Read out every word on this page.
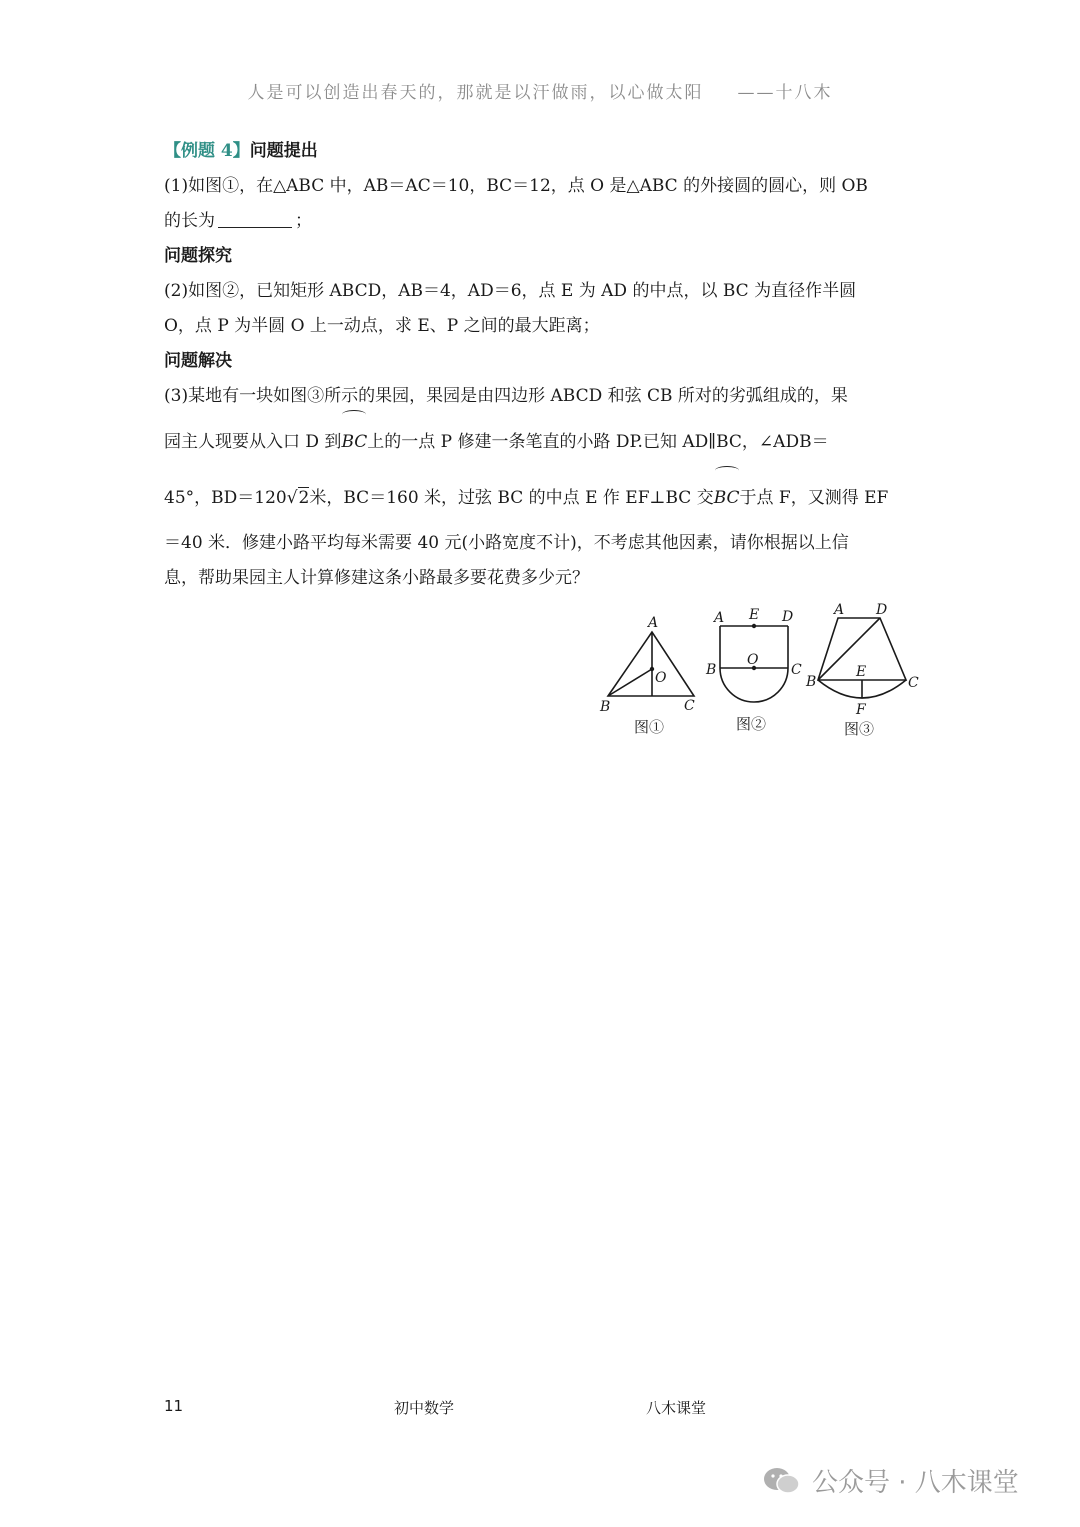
人是可以创造出春天的，那就是以汗做雨，以心做太阳 ——十八木
【例题 4】问题提出
(1)如图①，在△ABC 中，AB＝AC＝10，BC＝12，点 O 是△ABC 的外接圆的圆心，则 OB
的长为	；
问题探究
(2)如图②，已知矩形 ABCD，AB＝4，AD＝6，点 E 为 AD 的中点，以 BC 为直径作半圆
O，点 P 为半圆 O 上一动点，求 E、P 之间的最大距离；
问题解决
(3)某地有一块如图③所示的果园，果园是由四边形 ABCD 和弦 CB 所对的劣弧组成的，果
园主人现要从入口 D 到BC上的一点 P 修建一条笔直的小路 DP.已知 AD∥BC，∠ADB＝
45°，BD＝120√2米，BC＝160 米，过弦 BC 的中点 E 作 EF⊥BC 交BC于点 F，又测得 EF
＝40 米．修建小路平均每米需要 40 元(小路宽度不计)，不考虑其他因素，请你根据以上信
息，帮助果园主人计算修建这条小路最多要花费多少元？
A
B	C
O
图①
A E D
B
O
C
图②
A D
B
E
C
F
图③
11	初中数学	八木课堂
公众号 · 八木课堂
